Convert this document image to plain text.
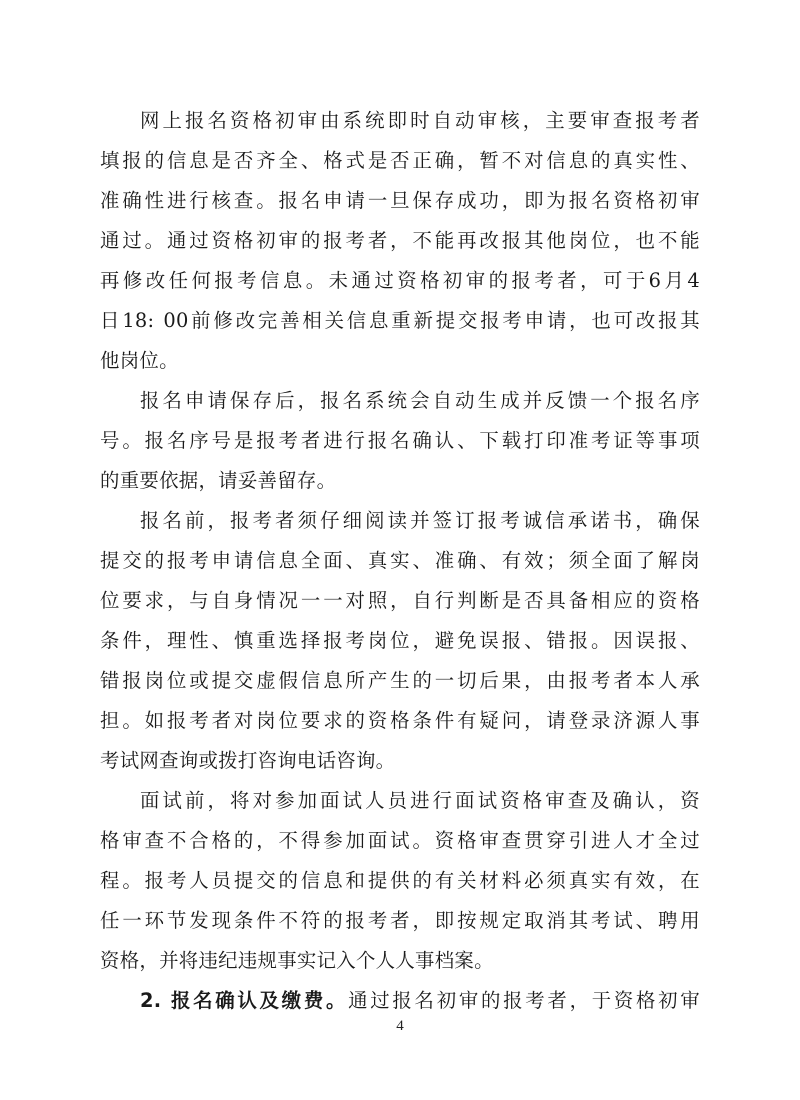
网上报名资格初审由系统即时自动审核，主要审查报考者
填报的信息是否齐全、格式是否正确，暂不对信息的真实性、
准确性进行核查。报名申请一旦保存成功，即为报名资格初审
通过。通过资格初审的报考者，不能再改报其他岗位，也不能
再修改任何报考信息。未通过资格初审的报考者，可于6月4
日18: 00前修改完善相关信息重新提交报考申请，也可改报其
他岗位。
报名申请保存后，报名系统会自动生成并反馈一个报名序
号。报名序号是报考者进行报名确认、下载打印准考证等事项
的重要依据，请妥善留存。
报名前，报考者须仔细阅读并签订报考诚信承诺书，确保
提交的报考申请信息全面、真实、准确、有效；须全面了解岗
位要求，与自身情况一一对照，自行判断是否具备相应的资格
条件，理性、慎重选择报考岗位，避免误报、错报。因误报、
错报岗位或提交虚假信息所产生的一切后果，由报考者本人承
担。如报考者对岗位要求的资格条件有疑问，请登录济源人事
考试网查询或拨打咨询电话咨询。
面试前，将对参加面试人员进行面试资格审查及确认，资
格审查不合格的，不得参加面试。资格审查贯穿引进人才全过
程。报考人员提交的信息和提供的有关材料必须真实有效，在
任一环节发现条件不符的报考者，即按规定取消其考试、聘用
资格，并将违纪违规事实记入个人人事档案。
2. 报名确认及缴费。通过报名初审的报考者，于资格初审
4
